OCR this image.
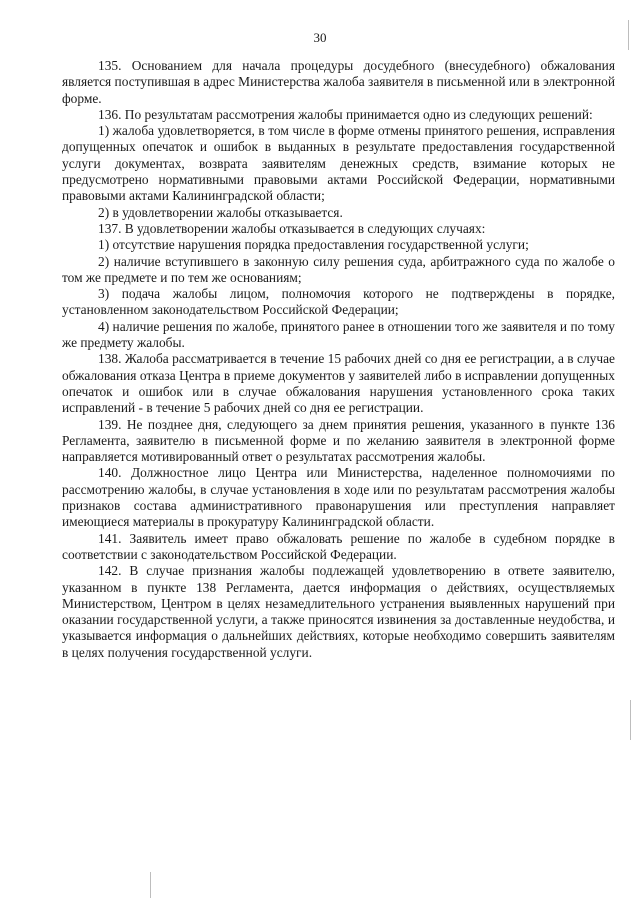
30

135. Основанием для начала процедуры досудебного (внесудебного) обжалования является поступившая в адрес Министерства жалоба заявителя в письменной или в электронной форме.

136. По результатам рассмотрения жалобы принимается одно из следующих решений:

1) жалоба удовлетворяется, в том числе в форме отмены принятого решения, исправления допущенных опечаток и ошибок в выданных в результате предоставления государственной услуги документах, возврата заявителям денежных средств, взимание которых не предусмотрено нормативными правовыми актами Российской Федерации, нормативными правовыми актами Калининградской области;

2) в удовлетворении жалобы отказывается.

137. В удовлетворении жалобы отказывается в следующих случаях:

1) отсутствие нарушения порядка предоставления государственной услуги;

2) наличие вступившего в законную силу решения суда, арбитражного суда по жалобе о том же предмете и по тем же основаниям;

3) подача жалобы лицом, полномочия которого не подтверждены в порядке, установленном законодательством Российской Федерации;

4) наличие решения по жалобе, принятого ранее в отношении того же заявителя и по тому же предмету жалобы.

138. Жалоба рассматривается в течение 15 рабочих дней со дня ее регистрации, а в случае обжалования отказа Центра в приеме документов у заявителей либо в исправлении допущенных опечаток и ошибок или в случае обжалования нарушения установленного срока таких исправлений - в течение 5 рабочих дней со дня ее регистрации.

139. Не позднее дня, следующего за днем принятия решения, указанного в пункте 136 Регламента, заявителю в письменной форме и по желанию заявителя в электронной форме направляется мотивированный ответ о результатах рассмотрения жалобы.

140. Должностное лицо Центра или Министерства, наделенное полномочиями по рассмотрению жалобы, в случае установления в ходе или по результатам рассмотрения жалобы признаков состава административного правонарушения или преступления направляет имеющиеся материалы в прокуратуру Калининградской области.

141. Заявитель имеет право обжаловать решение по жалобе в судебном порядке в соответствии с законодательством Российской Федерации.

142. В случае признания жалобы подлежащей удовлетворению в ответе заявителю, указанном в пункте 138 Регламента, дается информация о действиях, осуществляемых Министерством, Центром в целях незамедлительного устранения выявленных нарушений при оказании государственной услуги, а также приносятся извинения за доставленные неудобства, и указывается информация о дальнейших действиях, которые необходимо совершить заявителям в целях получения государственной услуги.
